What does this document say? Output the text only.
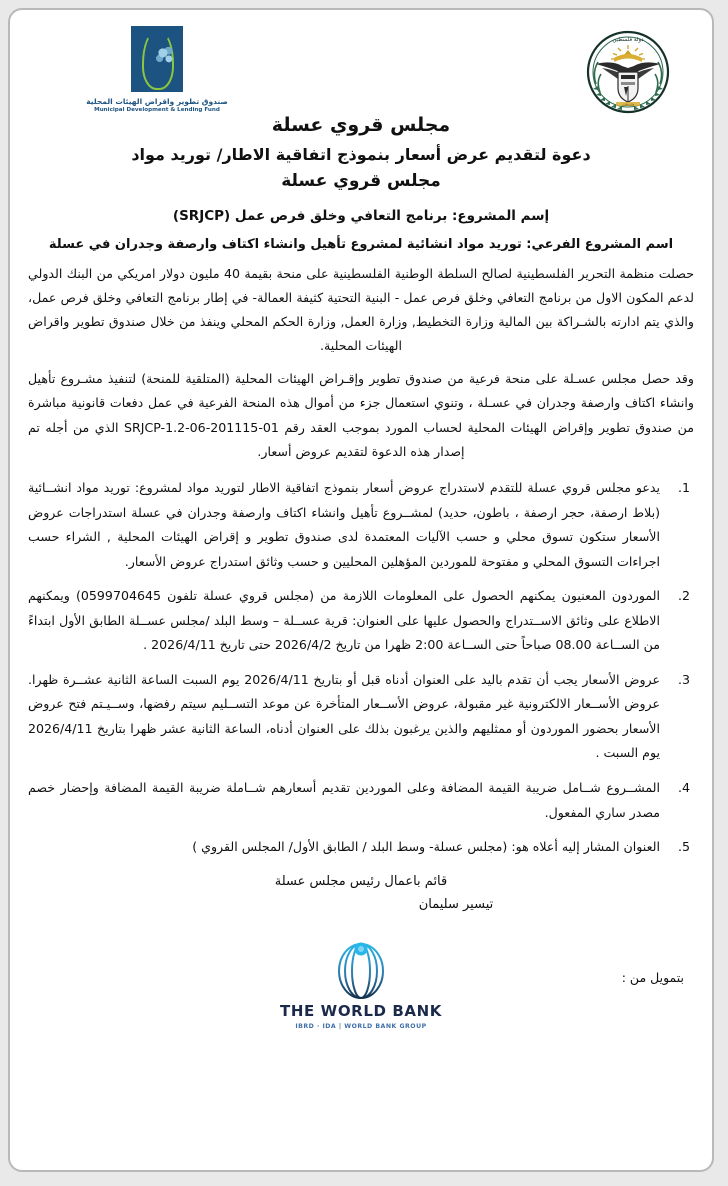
صندوق تطوير واقراض الهيئات المحلية
Municipal Development & Lending Fund
دولة فلسطين
فلسطين
مجلس قروي عسلة
دعوة لتقديم عرض أسعار بنموذج اتفاقية الاطار/ توريد مواد
مجلس قروي عسلة
إسم المشروع: برنامج التعافي وخلق فرص عمل (SRJCP)
اسم المشروع الفرعي: توريد مواد انشائية لمشروع تأهيل وانشاء اكتاف وارصفة وجدران في عسلة
حصلت منظمة التحرير الفلسطينية لصالح السلطة الوطنية الفلسطينية على منحة بقيمة 40 مليون دولار امريكي من البنك الدولي لدعم المكون الاول من برنامج التعافي وخلق فرص عمل - البنية التحتية كثيفة العمالة- في إطار برنامج التعافي وخلق فرص عمل، والذي يتم ادارته بالشـراكة بين المالية وزارة التخطيط, وزارة العمل, وزارة الحكم المحلي وينفذ من خلال صندوق تطوير واقراض الهيئات المحلية.
وقد حصل مجلس عسـلة على منحة فرعية من صندوق تطوير وإقـراض الهيئات المحلية (المتلقية للمنحة) لتنفيذ مشـروع تأهيل وانشاء اكتاف وارصفة وجدران في عسـلة ، وتنوي استعمال جزء من أموال هذه المنحة الفرعية في عمل دفعات قانونية مباشرة من صندوق تطوير وإقراض الهيئات المحلية لحساب المورد بموجب العقد رقم SRJCP-1.2-06-201115-01 الذي من أجله تم إصدار هذه الدعوة لتقديم عروض أسعار.
.1
يدعو مجلس قروي عسلة للتقدم لاستدراج عروض أسعار بنموذج اتفاقية الاطار لتوريد مواد لمشروع: توريد مواد انشــائية (بلاط ارصفة، حجر ارصفة ، باطون، حديد) لمشــروع تأهيل وانشاء اكتاف وارصفة وجدران في عسلة استدراجات عروض الأسعار ستكون تسوق محلي و حسب الآليات المعتمدة لدى صندوق تطوير و إقراض الهيئات المحلية , الشراء حسب اجراءات التسوق المحلي و مفتوحة للموردين المؤهلين المحليين و حسب وثائق استدراج عروض الأسعار.
.2
الموردون المعنيون يمكنهم الحصول على المعلومات اللازمة من (مجلس قروي عسلة تلفون 0599704645) ويمكنهم الاطلاع على وثائق الاســتدراج والحصول عليها على العنوان: قرية عســلة – وسط البلد /مجلس عســلة الطابق الأول ابتداءً من الســاعة 08.00 صباحاً حتى الســاعة 2:00 ظهرا من تاريخ 2026/4/2 حتى تاريخ 2026/4/11 .
.3
عروض الأسعار يجب أن تقدم باليد على العنوان أدناه قبل أو بتاريخ 2026/4/11 يوم السبت الساعة الثانية عشــرة ظهرا. عروض الأســعار الالكترونية غير مقبولة، عروض الأســعار المتأخرة عن موعد التســليم سيتم رفضها، وســيـتم فتح عروض الأسعار بحضور الموردون أو ممثليهم والذين يرغبون بذلك على العنوان أدناه، الساعة الثانية عشر ظهرا بتاريخ 2026/4/11 يوم السبت .
.4
المشــروع شــامل ضريبة القيمة المضافة وعلى الموردين تقديم أسعارهم شــاملة ضريبة القيمة المضافة وإحضار خصم مصدر ساري المفعول.
.5
العنوان المشار إليه أعلاه هو: (مجلس عسلة- وسط البلد / الطابق الأول/ المجلس القروي )
قائم باعمال رئيس مجلس عسلة
تيسير سليمان
بتمويل من :
THE WORLD BANK
IBRD · IDA | WORLD BANK GROUP
